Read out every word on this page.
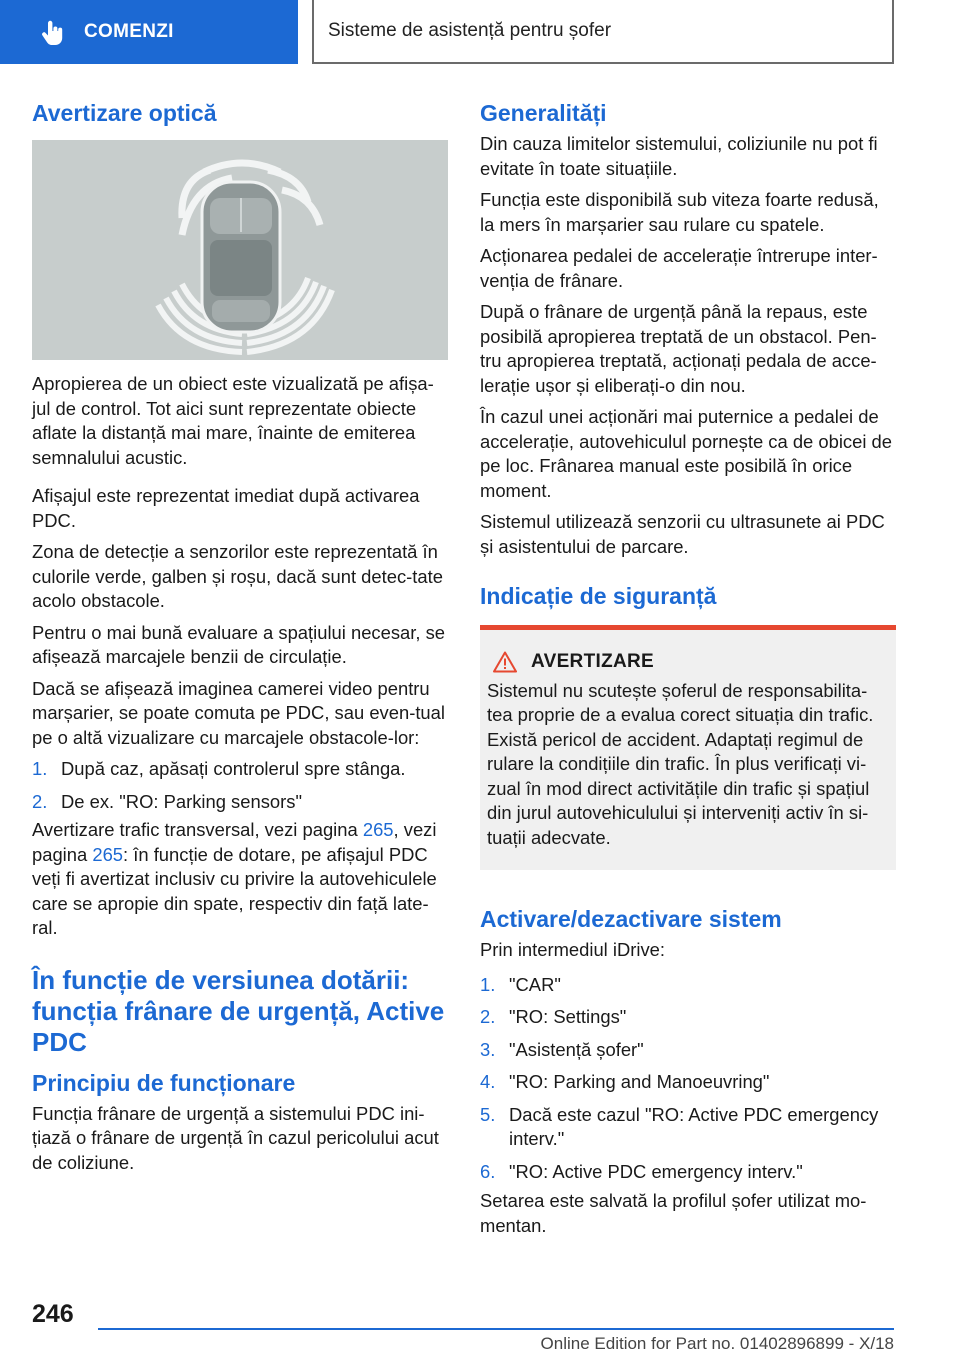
COMENZI	Sisteme de asistență pentru șofer
Avertizare optică

Apropierea de un obiect este vizualizată pe afișa-jul de control. Tot aici sunt reprezentate obiecte aflate la distanță mai mare, înainte de emiterea semnalului acustic.

Afișajul este reprezentat imediat după activarea PDC.

Zona de detecție a senzorilor este reprezentată în culorile verde, galben și roșu, dacă sunt detec-tate acolo obstacole.

Pentru o mai bună evaluare a spațiului necesar, se afișează marcajele benzii de circulație.

Dacă se afișează imaginea camerei video pentru marșarier, se poate comuta pe PDC, sau even-tual pe o altă vizualizare cu marcajele obstacole-lor:

1. După caz, apăsați controlerul spre stânga.
2. De ex. "RO: Parking sensors"

Avertizare trafic transversal, vezi pagina 265, vezi pagina 265: în funcție de dotare, pe afișajul PDC veți fi avertizat inclusiv cu privire la autovehiculele care se apropie din spate, respectiv din față late-ral.

În funcție de versiunea dotării: funcția frânare de urgență, Active PDC
Principiu de funcționare

Funcția frânare de urgență a sistemului PDC ini-țiază o frânare de urgență în cazul pericolului acut de coliziune.

Generalități

Din cauza limitelor sistemului, coliziunile nu pot fi evitate în toate situațiile.

Funcția este disponibilă sub viteza foarte redusă, la mers în marșarier sau rulare cu spatele.

Acționarea pedalei de accelerație întrerupe inter-venția de frânare.

După o frânare de urgență până la repaus, este posibilă apropierea treptată de un obstacol. Pen-tru apropierea treptată, acționați pedala de acce-lerație ușor și eliberați-o din nou.

În cazul unei acționări mai puternice a pedalei de accelerație, autovehiculul pornește ca de obicei de pe loc. Frânarea manual este posibilă în orice moment.

Sistemul utilizează senzorii cu ultrasunete ai PDC și asistentului de parcare.

Indicație de siguranță
AVERTIZARE

Sistemul nu scutește șoferul de responsabilita-tea proprie de a evalua corect situația din trafic. Există pericol de accident. Adaptați regimul de rulare la condițiile din trafic. În plus verificați vi-zual în mod direct activitățile din trafic și spațiul din jurul autovehiculului și interveniți activ în si-tuații adecvate.

Activare/dezactivare sistem

Prin intermediul iDrive:

1. "CAR"
2. "RO: Settings"
3. "Asistență șofer"
4. "RO: Parking and Manoeuvring"
5. Dacă este cazul "RO: Active PDC emergency interv."
6. "RO: Active PDC emergency interv."

Setarea este salvată la profilul șofer utilizat mo-mentan.

246
Online Edition for Part no. 01402896899 - X/18
